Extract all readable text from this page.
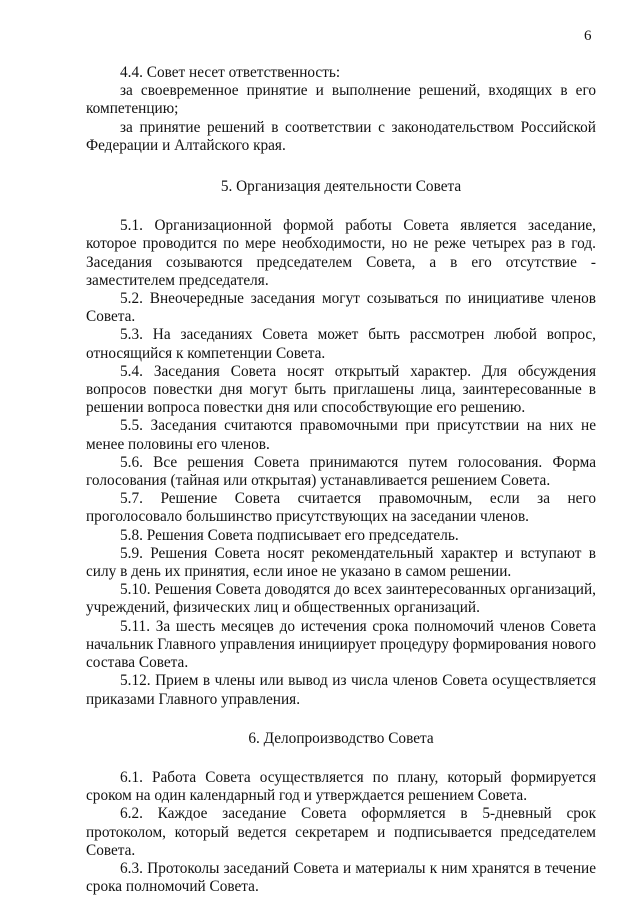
6

4.4. Совет несет ответственность:

за своевременное принятие и выполнение решений, входящих в его компетенцию;

за принятие решений в соответствии с законодательством Российской Федерации и Алтайского края.

5. Организация деятельности Совета

5.1. Организационной формой работы Совета является заседание, которое проводится по мере необходимости, но не реже четырех раз в год. Заседания созываются председателем Совета, а в его отсутствие - заместителем председателя.

5.2. Внеочередные заседания могут созываться по инициативе членов Совета.

5.3. На заседаниях Совета может быть рассмотрен любой вопрос, относящийся к компетенции Совета.

5.4. Заседания Совета носят открытый характер. Для обсуждения вопросов повестки дня могут быть приглашены лица, заинтересованные в решении вопроса повестки дня или способствующие его решению.

5.5. Заседания считаются правомочными при присутствии на них не менее половины его членов.

5.6. Все решения Совета принимаются путем голосования. Форма голосования (тайная или открытая) устанавливается решением Совета.

5.7. Решение Совета считается правомочным, если за него проголосовало большинство присутствующих на заседании членов.

5.8. Решения Совета подписывает его председатель.

5.9. Решения Совета носят рекомендательный характер и вступают в силу в день их принятия, если иное не указано в самом решении.

5.10. Решения Совета доводятся до всех заинтересованных организаций, учреждений, физических лиц и общественных организаций.

5.11. За шесть месяцев до истечения срока полномочий членов Совета начальник Главного управления инициирует процедуру формирования нового состава Совета.

5.12. Прием в члены или вывод из числа членов Совета осуществляется приказами Главного управления.

6. Делопроизводство Совета

6.1. Работа Совета осуществляется по плану, который формируется сроком на один календарный год и утверждается решением Совета.

6.2. Каждое заседание Совета оформляется в 5-дневный срок протоколом, который ведется секретарем и подписывается председателем Совета.

6.3. Протоколы заседаний Совета и материалы к ним хранятся в течение срока полномочий Совета.
